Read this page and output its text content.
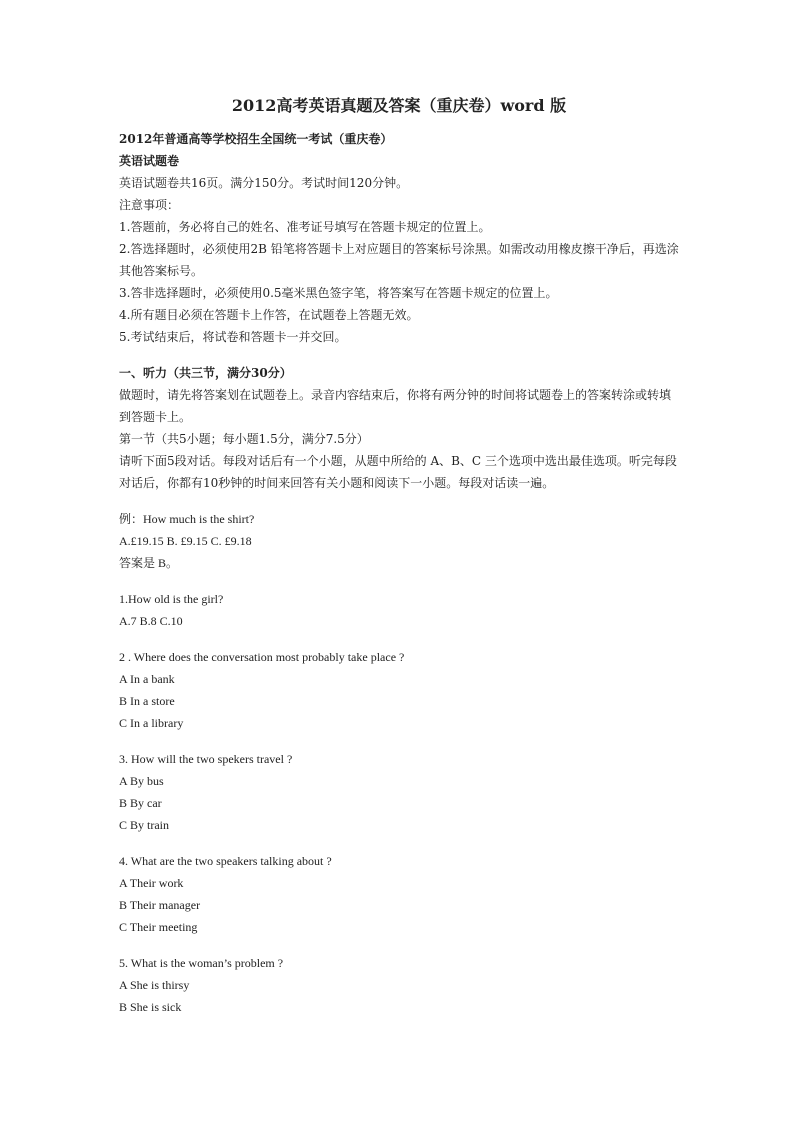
2012高考英语真题及答案（重庆卷）word 版

2012年普通高等学校招生全国统一考试（重庆卷）

英语试题卷

英语试题卷共16页。满分150分。考试时间120分钟。

注意事项：

1.答题前，务必将自己的姓名、准考证号填写在答题卡规定的位置上。

2.答选择题时，必须使用2B 铅笔将答题卡上对应题目的答案标号涂黑。如需改动用橡皮擦干净后，再选涂其他答案标号。

3.答非选择题时，必须使用0.5毫米黑色签字笔，将答案写在答题卡规定的位置上。

4.所有题目必须在答题卡上作答，在试题卷上答题无效。

5.考试结束后，将试卷和答题卡一并交回。

一、听力（共三节，满分30分）

做题时，请先将答案划在试题卷上。录音内容结束后，你将有两分钟的时间将试题卷上的答案转涂或转填到答题卡上。

第一节（共5小题；每小题1.5分，满分7.5分）

请听下面5段对话。每段对话后有一个小题，从题中所给的 A、B、C 三个选项中选出最佳选项。听完每段对话后，你都有10秒钟的时间来回答有关小题和阅读下一小题。每段对话读一遍。

例：How much is the shirt?

A.£19.15 B. £9.15 C. £9.18

答案是 B。

1.How old is the girl?

A.7 B.8 C.10

2 . Where does the conversation most probably take place ?

A In a bank

B In a store

C In a library

3. How will the two spekers travel ?

A By bus

B By car

C By train

4. What are the two speakers talking about ?

A Their work

B Their manager

C Their meeting

5. What is the woman’s problem ?

A She is thirsy

B She is sick
